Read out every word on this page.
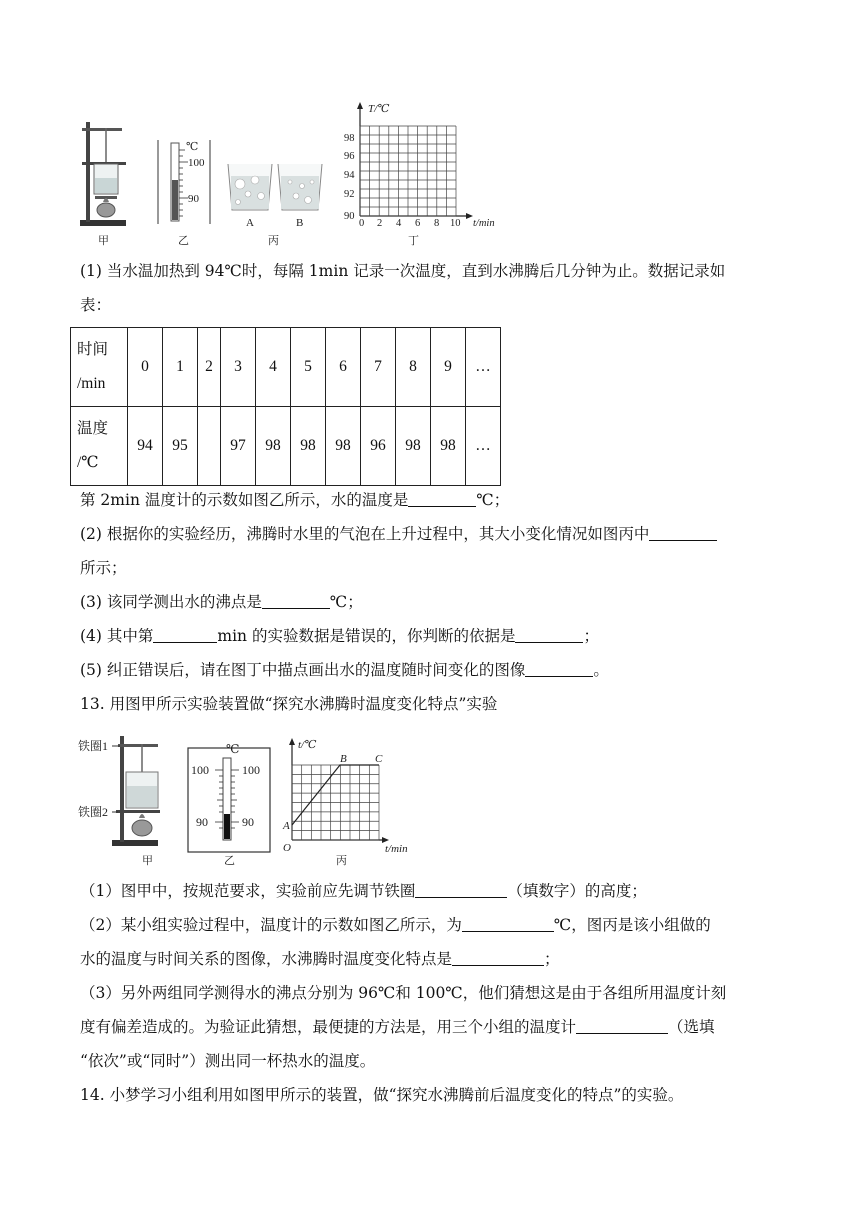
℃
100
90
A	B
T/℃
98
96
94
92
90
0 2 4 6 8 10 t/min
甲	乙	丙	丁
(1) 当水温加热到 94℃时，每隔 1min 记录一次温度，直到水沸腾后几分钟为止。数据记录如
表：
时间
/min	0	1	2	3	4	5	6	7	8	9	…

温度
/℃	94	95		97	98	98	98	96	98	98	…
第 2min 温度计的示数如图乙所示，水的温度是	℃；
(2) 根据你的实验经历，沸腾时水里的气泡在上升过程中，其大小变化情况如图丙中
所示；
(3) 该同学测出水的沸点是	℃；
(4) 其中第	min 的实验数据是错误的，你判断的依据是	；
(5) 纠正错误后，请在图丁中描点画出水的温度随时间变化的图像	。
13. 用图甲所示实验装置做“探究水沸腾时温度变化特点”实验
铁圈1
铁圈2
甲
℃
100	100
90	90
乙
t/℃
O
A
B	C
t/min
丙
（1）图甲中，按规范要求，实验前应先调节铁圈	（填数字）的高度；
（2）某小组实验过程中，温度计的示数如图乙所示，为	℃，图丙是该小组做的
水的温度与时间关系的图像，水沸腾时温度变化特点是	；
（3）另外两组同学测得水的沸点分别为 96℃和 100℃，他们猜想这是由于各组所用温度计刻
度有偏差造成的。为验证此猜想，最便捷的方法是，用三个小组的温度计	（选填
“依次”或“同时”）测出同一杯热水的温度。
14. 小梦学习小组利用如图甲所示的装置，做“探究水沸腾前后温度变化的特点”的实验。
